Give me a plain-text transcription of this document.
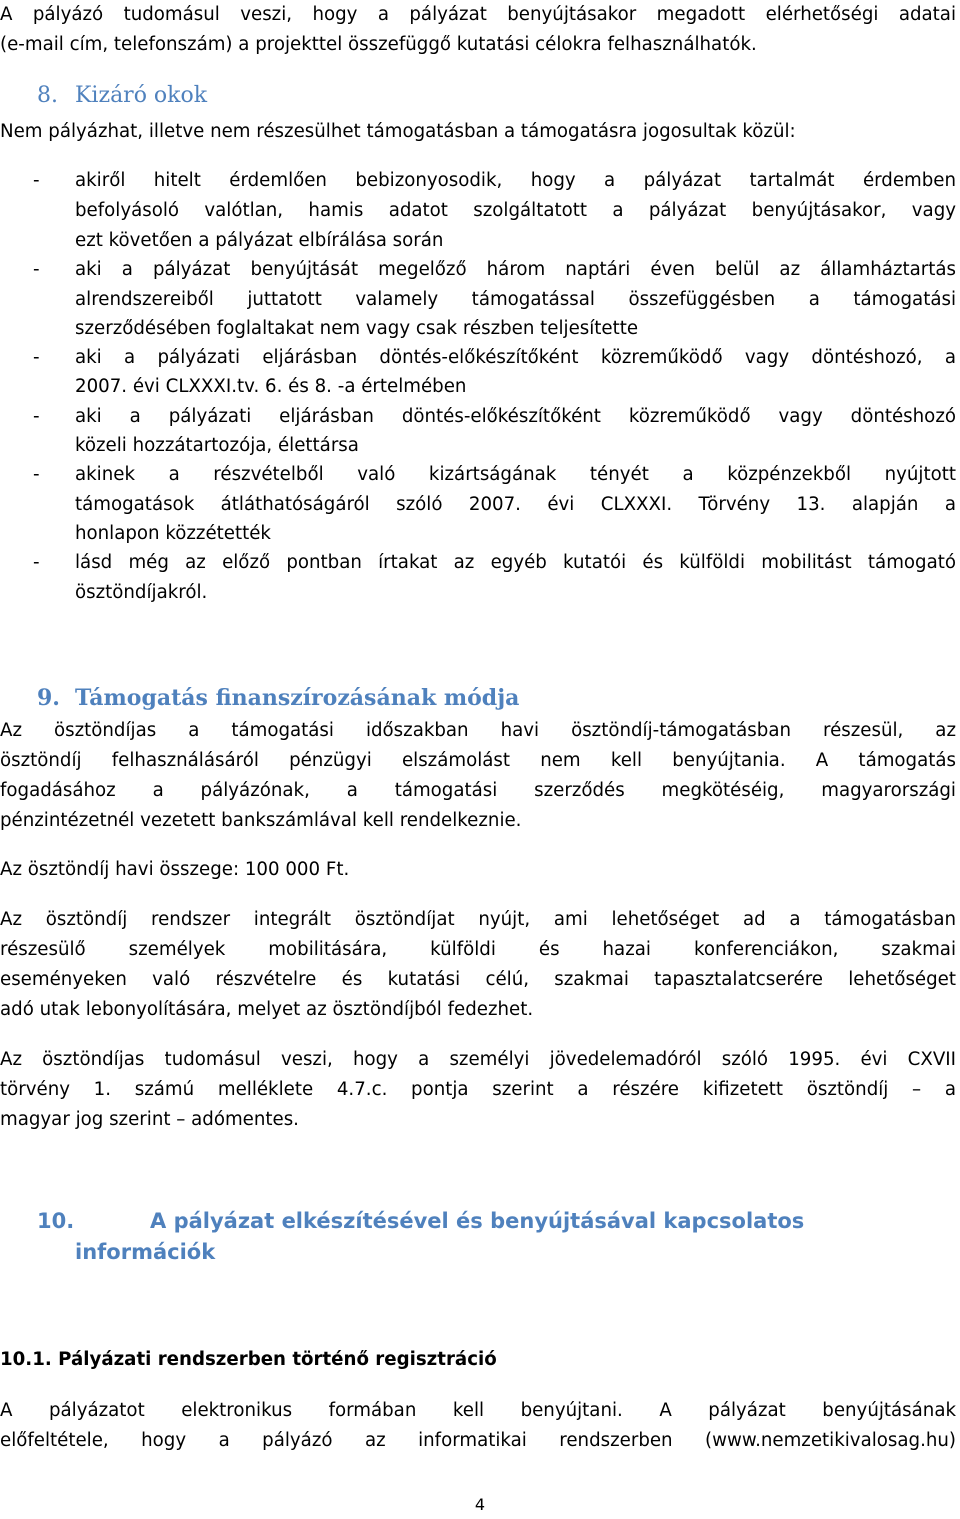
A pályázó tudomásul veszi, hogy a pályázat benyújtásakor megadott elérhetőségi adatai
(e-mail cím, telefonszám) a projekttel összefüggő kutatási célokra felhasználhatók.
8. Kizáró okok
Nem pályázhat, illetve nem részesülhet támogatásban a támogatásra jogosultak közül:
- akiről hitelt érdemlően bebizonyosodik, hogy a pályázat tartalmát érdemben
befolyásoló valótlan, hamis adatot szolgáltatott a pályázat benyújtásakor, vagy
ezt követően a pályázat elbírálása során
- aki a pályázat benyújtását megelőző három naptári éven belül az államháztartás
alrendszereiből juttatott valamely támogatással összefüggésben a támogatási
szerződésében foglaltakat nem vagy csak részben teljesítette
- aki a pályázati eljárásban döntés-előkészítőként közreműködő vagy döntéshozó, a
2007. évi CLXXXI.tv. 6. és 8. -a értelmében
- aki a pályázati eljárásban döntés-előkészítőként közreműködő vagy döntéshozó
közeli hozzátartozója, élettársa
- akinek a részvételből való kizártságának tényét a közpénzekből nyújtott
támogatások átláthatóságáról szóló 2007. évi CLXXXI. Törvény 13. alapján a
honlapon közzétették
- lásd még az előző pontban írtakat az egyéb kutatói és külföldi mobilitást támogató
ösztöndíjakról.
9. Támogatás finanszírozásának módja
Az ösztöndíjas a támogatási időszakban havi ösztöndíj-támogatásban részesül, az
ösztöndíj felhasználásáról pénzügyi elszámolást nem kell benyújtania. A támogatás
fogadásához a pályázónak, a támogatási szerződés megkötéséig, magyarországi
pénzintézetnél vezetett bankszámlával kell rendelkeznie.
Az ösztöndíj havi összege: 100 000 Ft.
Az ösztöndíj rendszer integrált ösztöndíjat nyújt, ami lehetőséget ad a támogatásban
részesülő személyek mobilitására, külföldi és hazai konferenciákon, szakmai
eseményeken való részvételre és kutatási célú, szakmai tapasztalatcserére lehetőséget
adó utak lebonyolítására, melyet az ösztöndíjból fedezhet.
Az ösztöndíjas tudomásul veszi, hogy a személyi jövedelemadóról szóló 1995. évi CXVII
törvény 1. számú melléklete 4.7.c. pontja szerint a részére kifizetett ösztöndíj – a
magyar jog szerint – adómentes.
10.	A pályázat elkészítésével és benyújtásával kapcsolatos
információk
10.1. Pályázati rendszerben történő regisztráció
A pályázatot elektronikus formában kell benyújtani. A pályázat benyújtásának
előfeltétele, hogy a pályázó az informatikai rendszerben (www.nemzetikivalosag.hu)
4
